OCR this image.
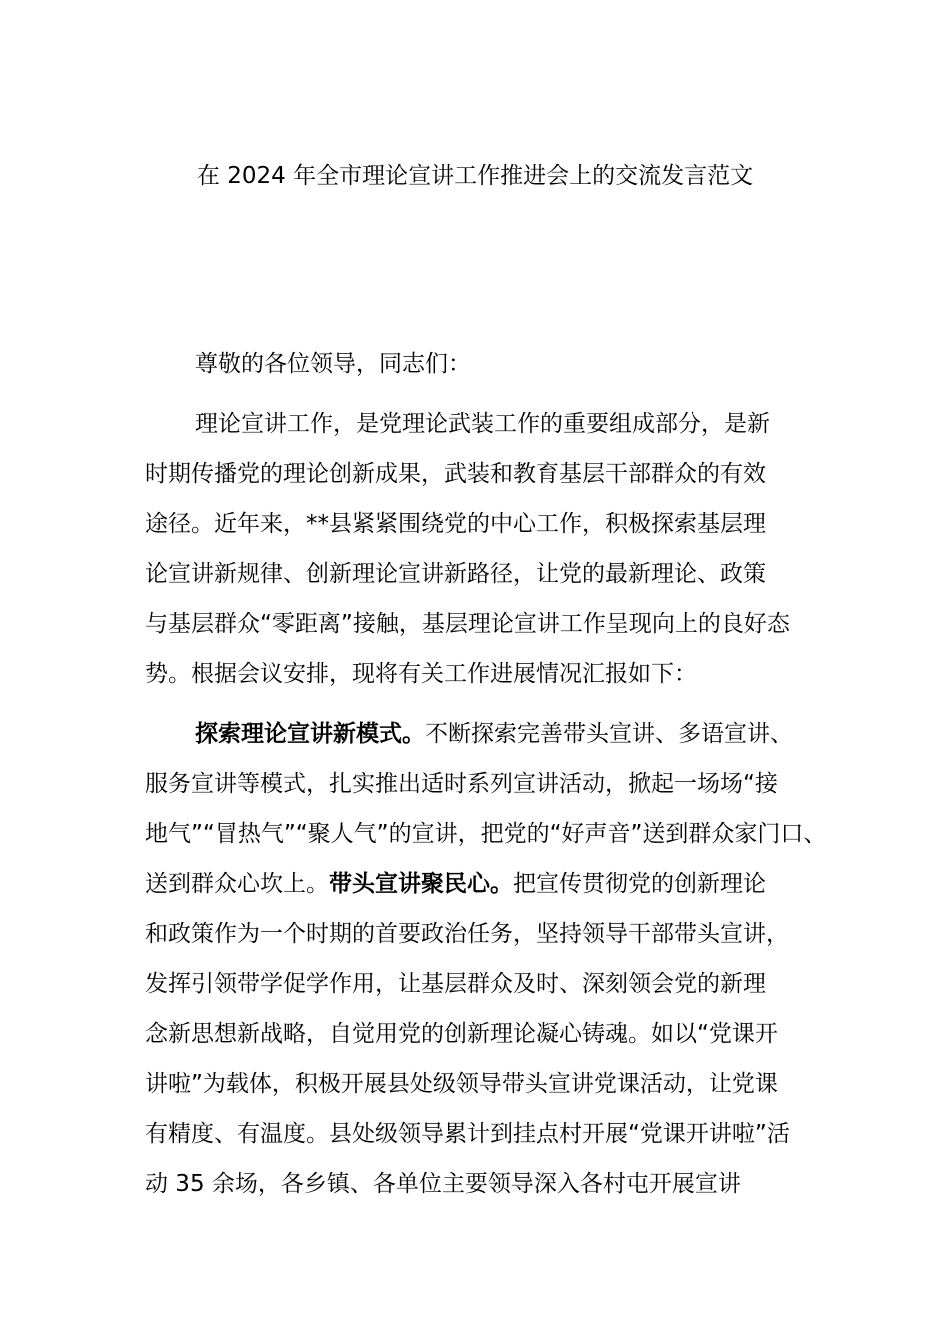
在 2024 年全市理论宣讲工作推进会上的交流发言范文
尊敬的各位领导，同志们：
理论宣讲工作，是党理论武装工作的重要组成部分，是新
时期传播党的理论创新成果，武装和教育基层干部群众的有效
途径。近年来，**县紧紧围绕党的中心工作，积极探索基层理
论宣讲新规律、创新理论宣讲新路径，让党的最新理论、政策
与基层群众“零距离”接触，基层理论宣讲工作呈现向上的良好态
势。根据会议安排，现将有关工作进展情况汇报如下：
探索理论宣讲新模式。不断探索完善带头宣讲、多语宣讲、
服务宣讲等模式，扎实推出适时系列宣讲活动，掀起一场场“接
地气”“冒热气”“聚人气”的宣讲，把党的“好声音”送到群众家门口、
送到群众心坎上。带头宣讲聚民心。把宣传贯彻党的创新理论
和政策作为一个时期的首要政治任务，坚持领导干部带头宣讲，
发挥引领带学促学作用，让基层群众及时、深刻领会党的新理
念新思想新战略，自觉用党的创新理论凝心铸魂。如以“党课开
讲啦”为载体，积极开展县处级领导带头宣讲党课活动，让党课
有精度、有温度。县处级领导累计到挂点村开展“党课开讲啦”活
动 35 余场，各乡镇、各单位主要领导深入各村屯开展宣讲
